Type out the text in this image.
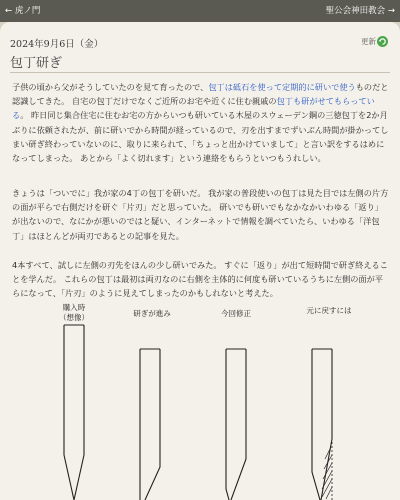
← 虎ノ門	聖公会神田教会 →
2024年9月6日（金）	更新
包丁研ぎ
子供の頃から父がそうしていたのを見て育ったので、包丁は砥石を使って定期的に研いで使うものだと認識してきた。 自宅の包丁だけでなくご近所のお宅や近くに住む親戚の包丁も研がせてもらっている。 昨日同じ集合住宅に住むお宅の方からいつも研いている木屋のスウェーデン鋼の三徳包丁を2か月ぶりに依頼されたが、前に研いでから時間が経っているので、刃を出すまでずいぶん時間が掛かってしまい研ぎ終わっていないのに、取りに来られて、「ちょっと出かけていまして」と言い訳をするはめになってしまった。 あとから「よく切れます」という連絡をもらうといつもうれしい。
きょうは「ついでに」我が家の4丁の包丁を研いだ。 我が家の普段使いの包丁は見た目では左側の片方の面が平らで右側だけを研ぐ「片刃」だと思っていた。 研いでも研いでもなかなかいわゆる「返り」が出ないので、なにかが悪いのではと疑い、インターネットで情報を調べていたら、いわゆる「洋包丁」はほとんどが両刃であるとの記事を見た。
4本すべて、試しに左側の刃先をほんの少し研いでみた。 すぐに「返り」が出て短時間で研ぎ終えることを学んだ。 これらの包丁は最初は両刃なのに右側を主体的に何度も研いているうちに左側の面が平らになって、「片刃」のように見えてしまったのかもしれないと考えた。
購入時
（想像）	研ぎが進み	今回修正	元に戻すには
